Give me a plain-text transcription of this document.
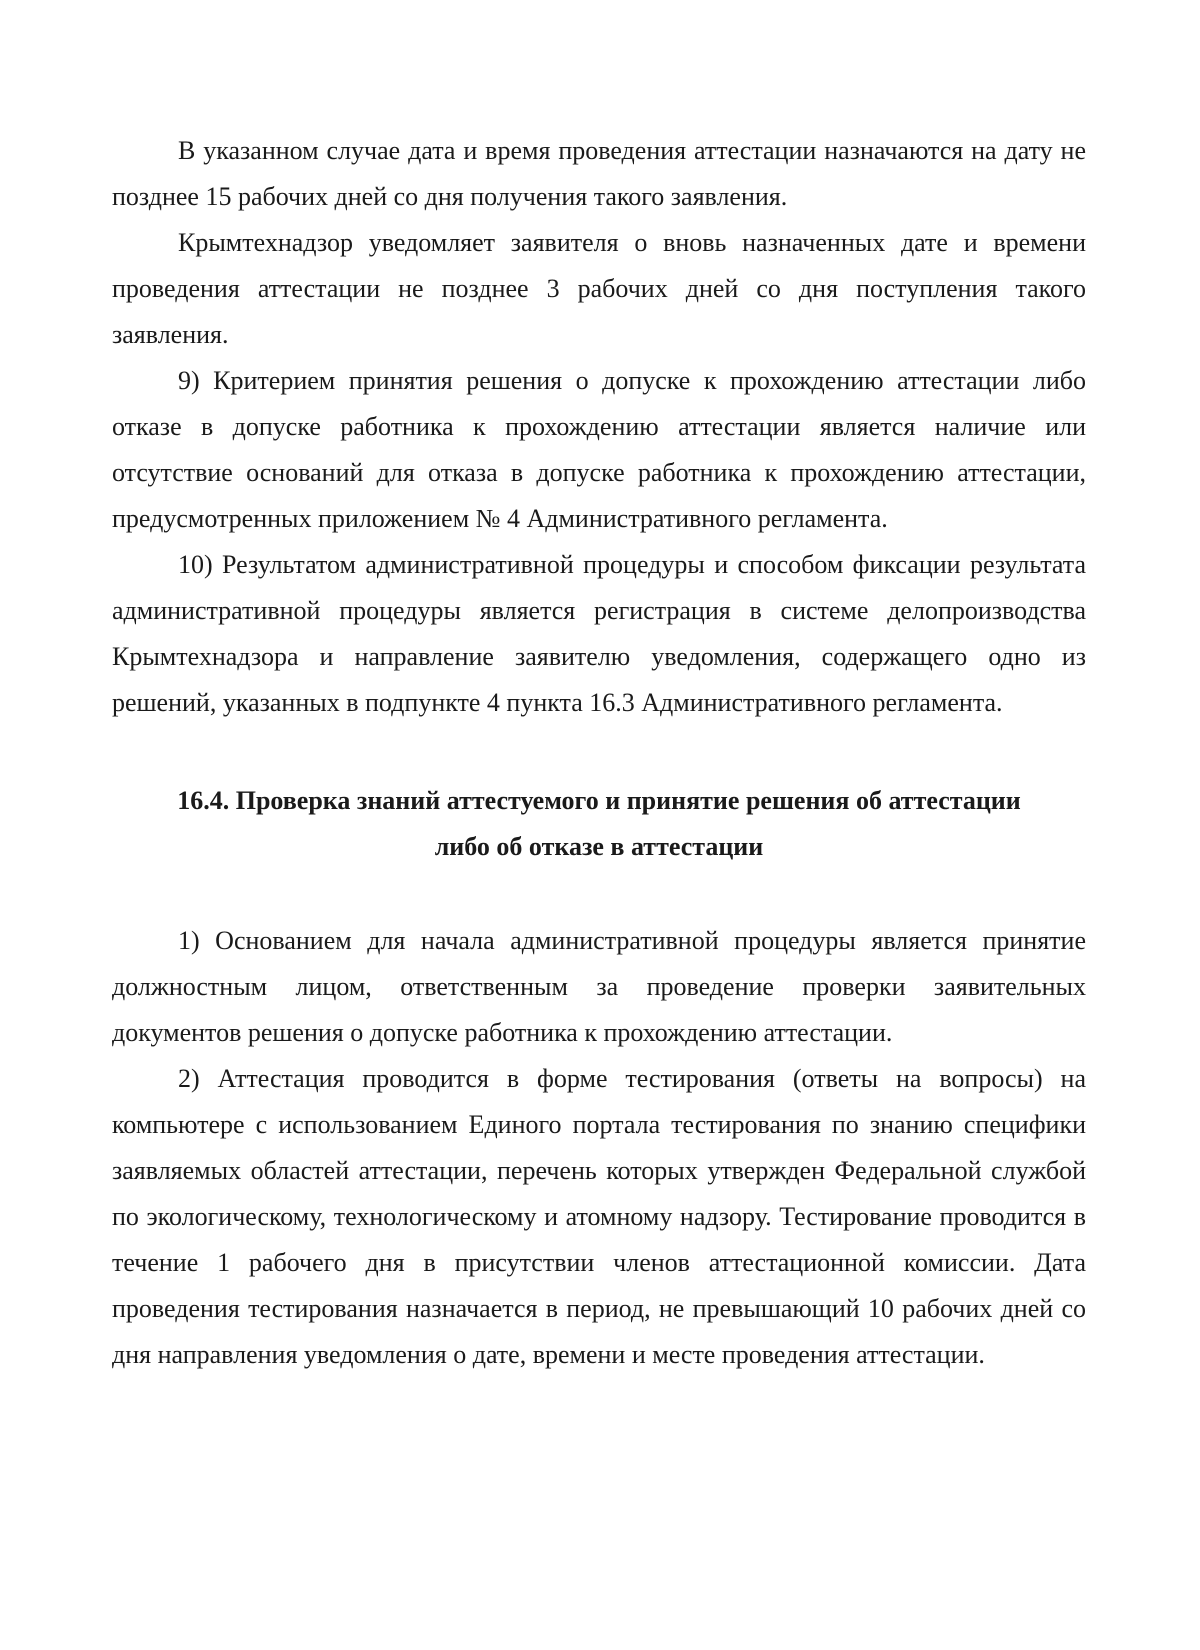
В указанном случае дата и время проведения аттестации назначаются на дату не позднее 15 рабочих дней со дня получения такого заявления.

Крымтехнадзор уведомляет заявителя о вновь назначенных дате и времени проведения аттестации не позднее 3 рабочих дней со дня поступления такого заявления.

9) Критерием принятия решения о допуске к прохождению аттестации либо отказе в допуске работника к прохождению аттестации является наличие или отсутствие оснований для отказа в допуске работника к прохождению аттестации, предусмотренных приложением № 4 Административного регламента.

10) Результатом административной процедуры и способом фиксации результата административной процедуры является регистрация в системе делопроизводства Крымтехнадзора и направление заявителю уведомления, содержащего одно из решений, указанных в подпункте 4 пункта 16.3 Административного регламента.

16.4. Проверка знаний аттестуемого и принятие решения об аттестации
либо об отказе в аттестации

1) Основанием для начала административной процедуры является принятие должностным лицом, ответственным за проведение проверки заявительных документов решения о допуске работника к прохождению аттестации.

2) Аттестация проводится в форме тестирования (ответы на вопросы) на компьютере с использованием Единого портала тестирования по знанию специфики заявляемых областей аттестации, перечень которых утвержден Федеральной службой по экологическому, технологическому и атомному надзору. Тестирование проводится в течение 1 рабочего дня в присутствии членов аттестационной комиссии. Дата проведения тестирования назначается в период, не превышающий 10 рабочих дней со дня направления уведомления о дате, времени и месте проведения аттестации.
